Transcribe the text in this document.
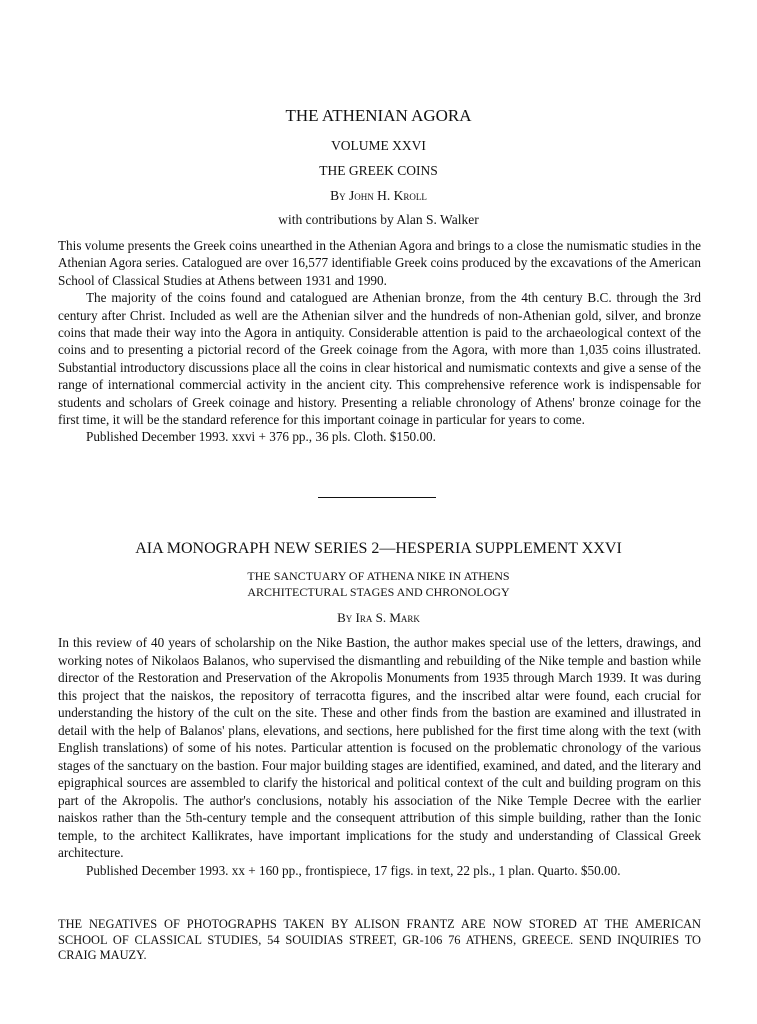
THE ATHENIAN AGORA
VOLUME XXVI
THE GREEK COINS
By John H. Kroll
with contributions by Alan S. Walker

This volume presents the Greek coins unearthed in the Athenian Agora and brings to a close the numismatic studies in the Athenian Agora series. Catalogued are over 16,577 identifiable Greek coins produced by the excavations of the American School of Classical Studies at Athens between 1931 and 1990.

The majority of the coins found and catalogued are Athenian bronze, from the 4th century B.C. through the 3rd century after Christ. Included as well are the Athenian silver and the hundreds of non-Athenian gold, silver, and bronze coins that made their way into the Agora in antiquity. Considerable attention is paid to the archaeological context of the coins and to presenting a pictorial record of the Greek coinage from the Agora, with more than 1,035 coins illustrated. Substantial introductory discussions place all the coins in clear historical and numismatic contexts and give a sense of the range of international commercial activity in the ancient city. This comprehensive reference work is indispensable for students and scholars of Greek coinage and history. Presenting a reliable chronology of Athens' bronze coinage for the first time, it will be the standard reference for this important coinage in particular for years to come.

Published December 1993. xxvi + 376 pp., 36 pls. Cloth. $150.00.

AIA MONOGRAPH NEW SERIES 2—HESPERIA SUPPLEMENT XXVI
THE SANCTUARY OF ATHENA NIKE IN ATHENS
ARCHITECTURAL STAGES AND CHRONOLOGY
By Ira S. Mark

In this review of 40 years of scholarship on the Nike Bastion, the author makes special use of the letters, drawings, and working notes of Nikolaos Balanos, who supervised the dismantling and rebuilding of the Nike temple and bastion while director of the Restoration and Preservation of the Akropolis Monuments from 1935 through March 1939. It was during this project that the naiskos, the repository of terracotta figures, and the inscribed altar were found, each crucial for understanding the history of the cult on the site. These and other finds from the bastion are examined and illustrated in detail with the help of Balanos' plans, elevations, and sections, here published for the first time along with the text (with English translations) of some of his notes. Particular attention is focused on the problematic chronology of the various stages of the sanctuary on the bastion. Four major building stages are identified, examined, and dated, and the literary and epigraphical sources are assembled to clarify the historical and political context of the cult and building program on this part of the Akropolis. The author's conclusions, notably his association of the Nike Temple Decree with the earlier naiskos rather than the 5th-century temple and the consequent attribution of this simple building, rather than the Ionic temple, to the architect Kallikrates, have important implications for the study and understanding of Classical Greek architecture.

Published December 1993. xx + 160 pp., frontispiece, 17 figs. in text, 22 pls., 1 plan. Quarto. $50.00.

THE NEGATIVES OF PHOTOGRAPHS TAKEN BY ALISON FRANTZ ARE NOW STORED AT THE AMERICAN SCHOOL OF CLASSICAL STUDIES, 54 SOUIDIAS STREET, GR-106 76 ATHENS, GREECE. SEND INQUIRIES TO CRAIG MAUZY.
